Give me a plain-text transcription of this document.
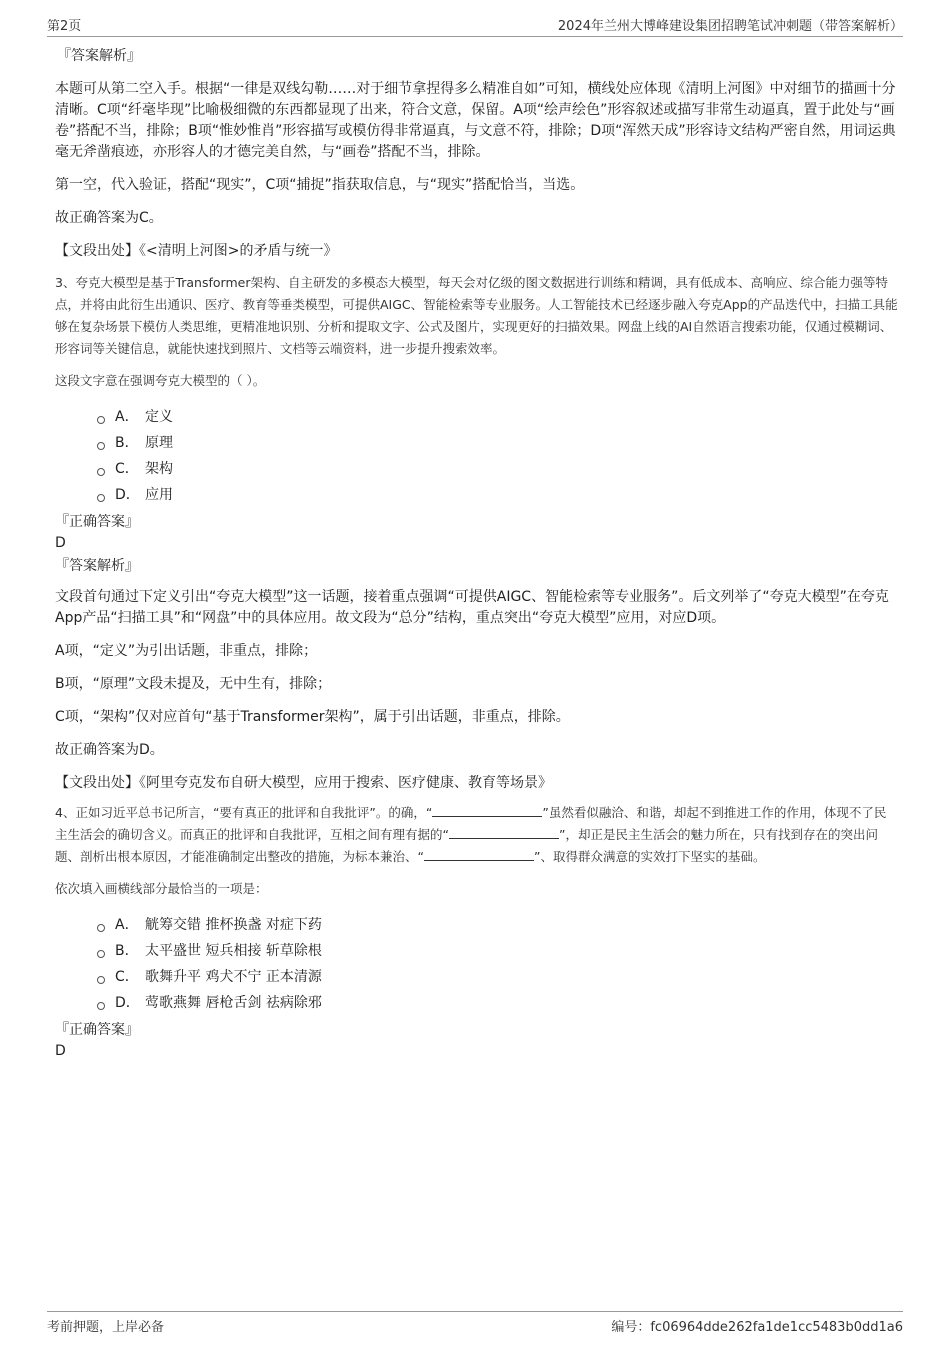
第2页	2024年兰州大博峰建设集团招聘笔试冲刺题（带答案解析）
『答案解析』

本题可从第二空入手。根据“一律是双线勾勒……对于细节拿捏得多么精准自如”可知，横线处应体现《清明上河图》中对细节的描画十分清晰。C项“纤毫毕现”比喻极细微的东西都显现了出来，符合文意，保留。A项“绘声绘色”形容叙述或描写非常生动逼真，置于此处与“画卷”搭配不当，排除；B项“惟妙惟肖”形容描写或模仿得非常逼真，与文意不符，排除；D项“浑然天成”形容诗文结构严密自然，用词运典毫无斧凿痕迹，亦形容人的才德完美自然，与“画卷”搭配不当，排除。

第一空，代入验证，搭配“现实”，C项“捕捉”指获取信息，与“现实”搭配恰当，当选。

故正确答案为C。

【文段出处】《<清明上河图>的矛盾与统一》

3、夸克大模型是基于Transformer架构、自主研发的多模态大模型，每天会对亿级的图文数据进行训练和精调，具有低成本、高响应、综合能力强等特点，并将由此衍生出通识、医疗、教育等垂类模型，可提供AIGC、智能检索等专业服务。人工智能技术已经逐步融入夸克App的产品迭代中，扫描工具能够在复杂场景下模仿人类思维，更精准地识别、分析和提取文字、公式及图片，实现更好的扫描效果。网盘上线的AI自然语言搜索功能，仅通过模糊词、形容词等关键信息，就能快速找到照片、文档等云端资料，进一步提升搜索效率。

这段文字意在强调夸克大模型的（ ）。

A． 定义
B． 原理
C． 架构
D． 应用
『正确答案』
D
『答案解析』

文段首句通过下定义引出“夸克大模型”这一话题，接着重点强调“可提供AIGC、智能检索等专业服务”。后文列举了“夸克大模型”在夸克App产品“扫描工具”和“网盘”中的具体应用。故文段为“总分”结构，重点突出“夸克大模型”应用，对应D项。

A项，“定义”为引出话题，非重点，排除；

B项，“原理”文段未提及，无中生有，排除；

C项，“架构”仅对应首句“基于Transformer架构”，属于引出话题，非重点，排除。

故正确答案为D。

【文段出处】《阿里夸克发布自研大模型，应用于搜索、医疗健康、教育等场景》

4、正如习近平总书记所言，“要有真正的批评和自我批评”。的确，“	”虽然看似融洽、和谐，却起不到推进工作的作用，体现不了民主生活会的确切含义。而真正的批评和自我批评，互相之间有理有据的“	”，却正是民主生活会的魅力所在，只有找到存在的突出问题、剖析出根本原因，才能准确制定出整改的措施，为标本兼治、“	”、取得群众满意的实效打下坚实的基础。

依次填入画横线部分最恰当的一项是：

A． 觥筹交错 推杯换盏 对症下药
B． 太平盛世 短兵相接 斩草除根
C． 歌舞升平 鸡犬不宁 正本清源
D． 莺歌燕舞 唇枪舌剑 祛病除邪
『正确答案』
D
考前押题，上岸必备	编号：fc06964dde262fa1de1cc5483b0dd1a6
